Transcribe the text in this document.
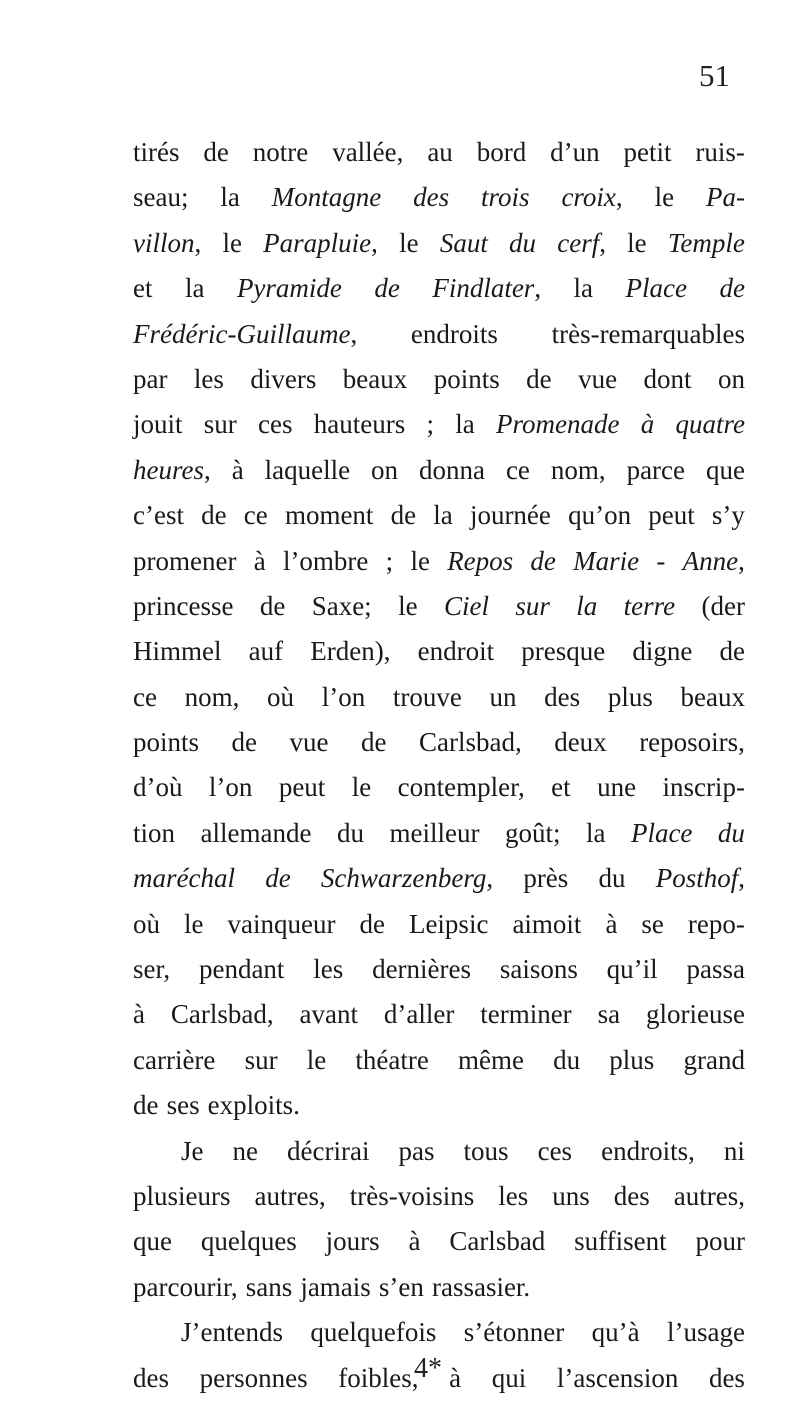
51
tirés de notre vallée, au bord d’un petit ruis-
seau; la Montagne des trois croix, le Pa-
villon, le Parapluie, le Saut du cerf, le Temple
et la Pyramide de Findlater, la Place de
Frédéric-Guillaume, endroits très-remarquables
par les divers beaux points de vue dont on
jouit sur ces hauteurs ; la Promenade à quatre
heures, à laquelle on donna ce nom, parce que
c’est de ce moment de la journée qu’on peut s’y
promener à l’ombre ; le Repos de Marie - Anne,
princesse de Saxe; le Ciel sur la terre (der
Himmel auf Erden), endroit presque digne de
ce nom, où l’on trouve un des plus beaux
points de vue de Carlsbad, deux reposoirs,
d’où l’on peut le contempler, et une inscrip-
tion allemande du meilleur goût; la Place du
maréchal de Schwarzenberg, près du Posthof,
où le vainqueur de Leipsic aimoit à se repo-
ser, pendant les dernières saisons qu’il passa
à Carlsbad, avant d’aller terminer sa glorieuse
carrière sur le théatre même du plus grand
de ses exploits.
Je ne décrirai pas tous ces endroits, ni
plusieurs autres, très-voisins les uns des autres,
que quelques jours à Carlsbad suffisent pour
parcourir, sans jamais s’en rassasier.
J’entends quelquefois s’étonner qu’à l’usage
des personnes foibles, à qui l’ascension des
4*
